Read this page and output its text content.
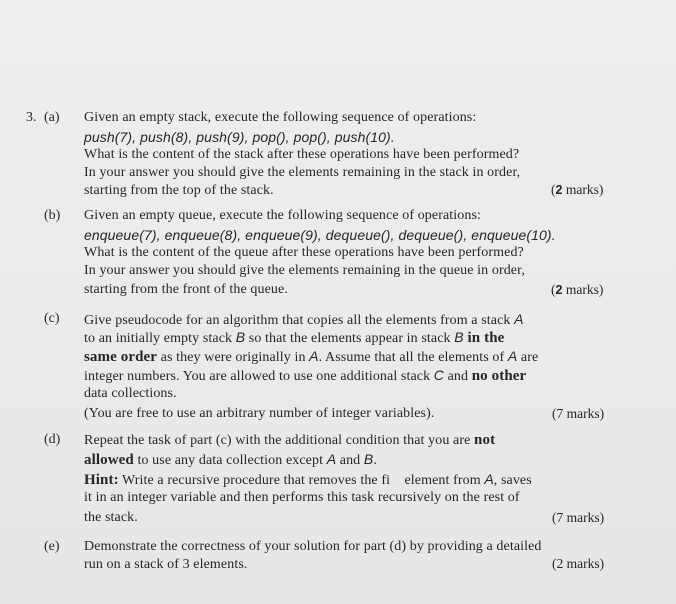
3. (a) Given an empty stack, execute the following sequence of operations:
push(7), push(8), push(9), pop(), pop(), push(10).
What is the content of the stack after these operations have been performed?
In your answer you should give the elements remaining in the stack in order,
starting from the top of the stack.	(2 marks)
(b) Given an empty queue, execute the following sequence of operations:
enqueue(7), enqueue(8), enqueue(9), dequeue(), dequeue(), enqueue(10).
What is the content of the queue after these operations have been performed?
In your answer you should give the elements remaining in the queue in order,
starting from the front of the queue.	(2 marks)
(c) Give pseudocode for an algorithm that copies all the elements from a stack A
to an initially empty stack B so that the elements appear in stack B in the
same order as they were originally in A. Assume that all the elements of A are
integer numbers. You are allowed to use one additional stack C and no other
data collections.
(You are free to use an arbitrary number of integer variables).	(7 marks)
(d) Repeat the task of part (c) with the additional condition that you are not
allowed to use any data collection except A and B.
Hint: Write a recursive procedure that removes the fi    element from A, saves
it in an integer variable and then performs this task recursively on the rest of
the stack.	(7 marks)
(e) Demonstrate the correctness of your solution for part (d) by providing a detailed
run on a stack of 3 elements.	(2 marks)
